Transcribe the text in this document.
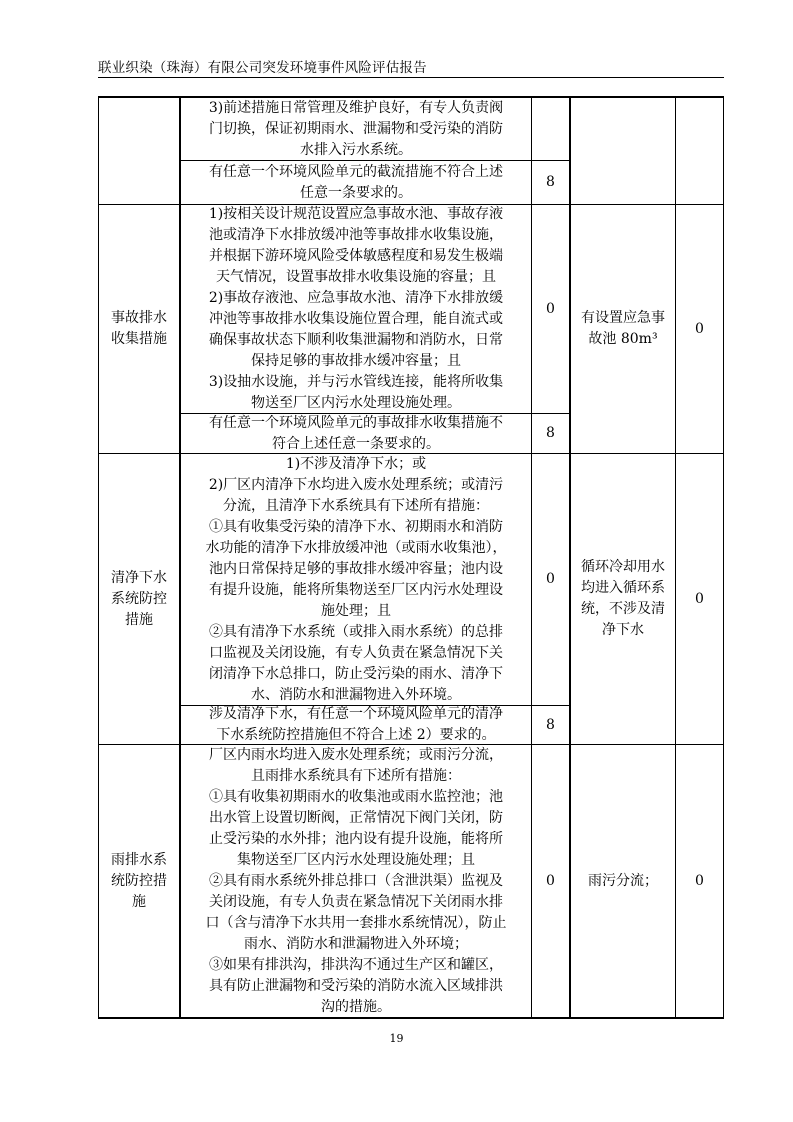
联业织染（珠海）有限公司突发环境事件风险评估报告
3)前述措施日常管理及维护良好，有专人负责阀
门切换，保证初期雨水、泄漏物和受污染的消防
水排入污水系统。
有任意一个环境风险单元的截流措施不符合上述
任意一条要求的。
8
事故排水收集措施
1)按相关设计规范设置应急事故水池、事故存液
池或清净下水排放缓冲池等事故排水收集设施，
并根据下游环境风险受体敏感程度和易发生极端
天气情况，设置事故排水收集设施的容量；且
2)事故存液池、应急事故水池、清净下水排放缓
冲池等事故排水收集设施位置合理，能自流式或
确保事故状态下顺利收集泄漏物和消防水，日常
保持足够的事故排水缓冲容量；且
3)设抽水设施，并与污水管线连接，能将所收集
物送至厂区内污水处理设施处理。
0
有任意一个环境风险单元的事故排水收集措施不
符合上述任意一条要求的。
8
有设置应急事故池 80m³
0
清净下水系统防控措施
1)不涉及清净下水；或
2)厂区内清净下水均进入废水处理系统；或清污
分流，且清净下水系统具有下述所有措施：
①具有收集受污染的清净下水、初期雨水和消防
水功能的清净下水排放缓冲池（或雨水收集池），
池内日常保持足够的事故排水缓冲容量；池内设
有提升设施，能将所集物送至厂区内污水处理设
施处理；且
②具有清净下水系统（或排入雨水系统）的总排
口监视及关闭设施，有专人负责在紧急情况下关
闭清净下水总排口，防止受污染的雨水、清净下
水、消防水和泄漏物进入外环境。
0
涉及清净下水，有任意一个环境风险单元的清净
下水系统防控措施但不符合上述 2）要求的。
8
循环冷却用水均进入循环系统，不涉及清净下水
0
雨排水系统防控措施
厂区内雨水均进入废水处理系统；或雨污分流，
且雨排水系统具有下述所有措施：
①具有收集初期雨水的收集池或雨水监控池；池
出水管上设置切断阀，正常情况下阀门关闭，防
止受污染的水外排；池内设有提升设施，能将所
集物送至厂区内污水处理设施处理；且
②具有雨水系统外排总排口（含泄洪渠）监视及
关闭设施，有专人负责在紧急情况下关闭雨水排
口（含与清净下水共用一套排水系统情况），防止
雨水、消防水和泄漏物进入外环境；
③如果有排洪沟，排洪沟不通过生产区和罐区，
具有防止泄漏物和受污染的消防水流入区域排洪
沟的措施。
0	雨污分流；	0
19
